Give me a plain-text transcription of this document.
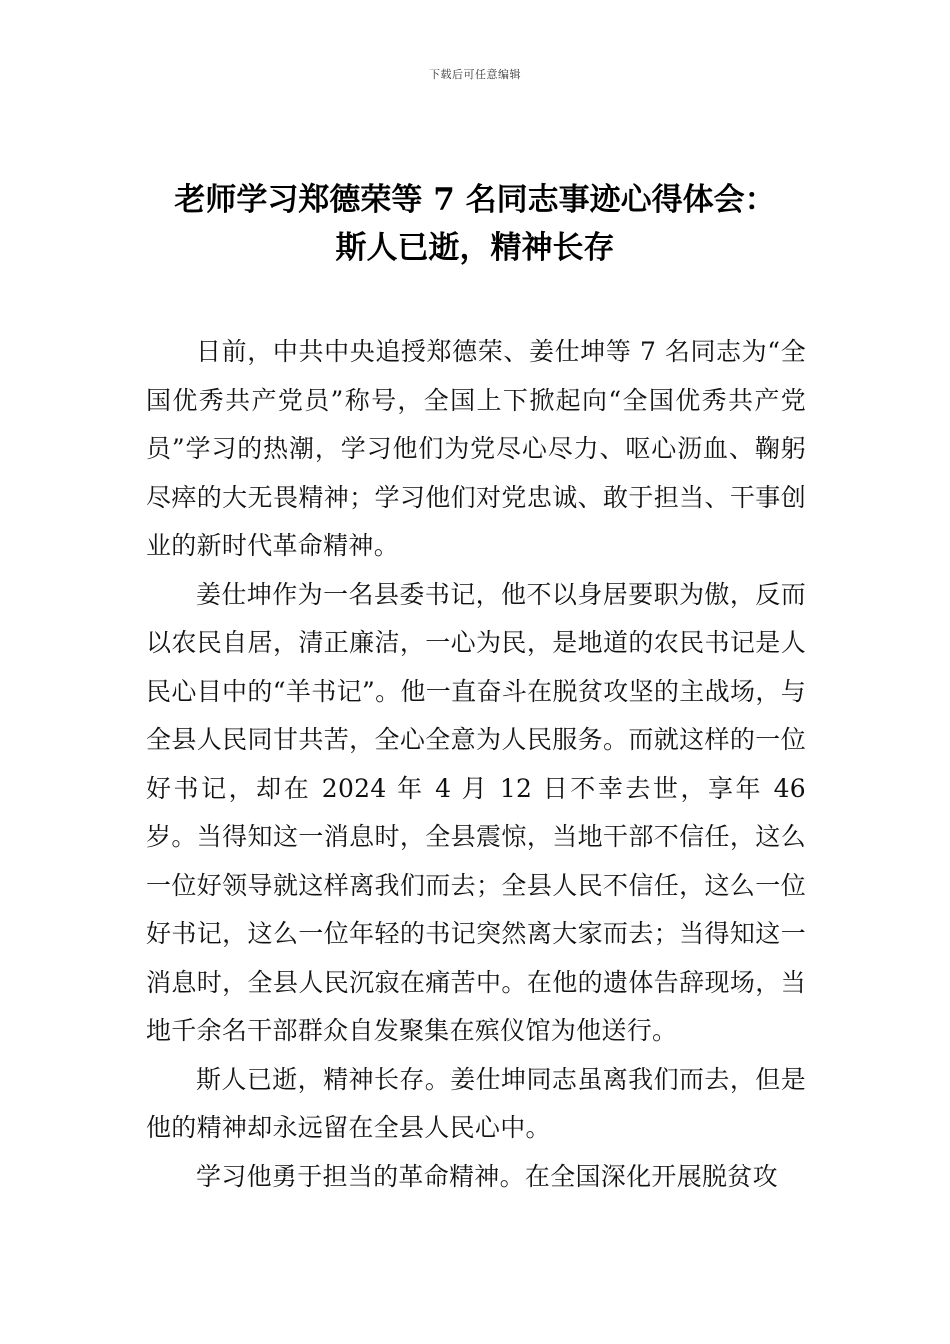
下载后可任意编辑
老师学习郑德荣等 7 名同志事迹心得体会：
斯人已逝，精神长存

日前，中共中央追授郑德荣、姜仕坤等 7 名同志为“全国优秀共产党员”称号，全国上下掀起向“全国优秀共产党员”学习的热潮，学习他们为党尽心尽力、呕心沥血、鞠躬尽瘁的大无畏精神；学习他们对党忠诚、敢于担当、干事创业的新时代革命精神。

姜仕坤作为一名县委书记，他不以身居要职为傲，反而以农民自居，清正廉洁，一心为民，是地道的农民书记是人民心目中的“羊书记”。他一直奋斗在脱贫攻坚的主战场，与全县人民同甘共苦，全心全意为人民服务。而就这样的一位好书记，却在 2024 年 4 月 12 日不幸去世，享年 46 岁。当得知这一消息时，全县震惊，当地干部不信任，这么一位好领导就这样离我们而去；全县人民不信任，这么一位好书记，这么一位年轻的书记突然离大家而去；当得知这一消息时，全县人民沉寂在痛苦中。在他的遗体告辞现场，当地千余名干部群众自发聚集在殡仪馆为他送行。

斯人已逝，精神长存。姜仕坤同志虽离我们而去，但是他的精神却永远留在全县人民心中。

学习他勇于担当的革命精神。在全国深化开展脱贫攻
